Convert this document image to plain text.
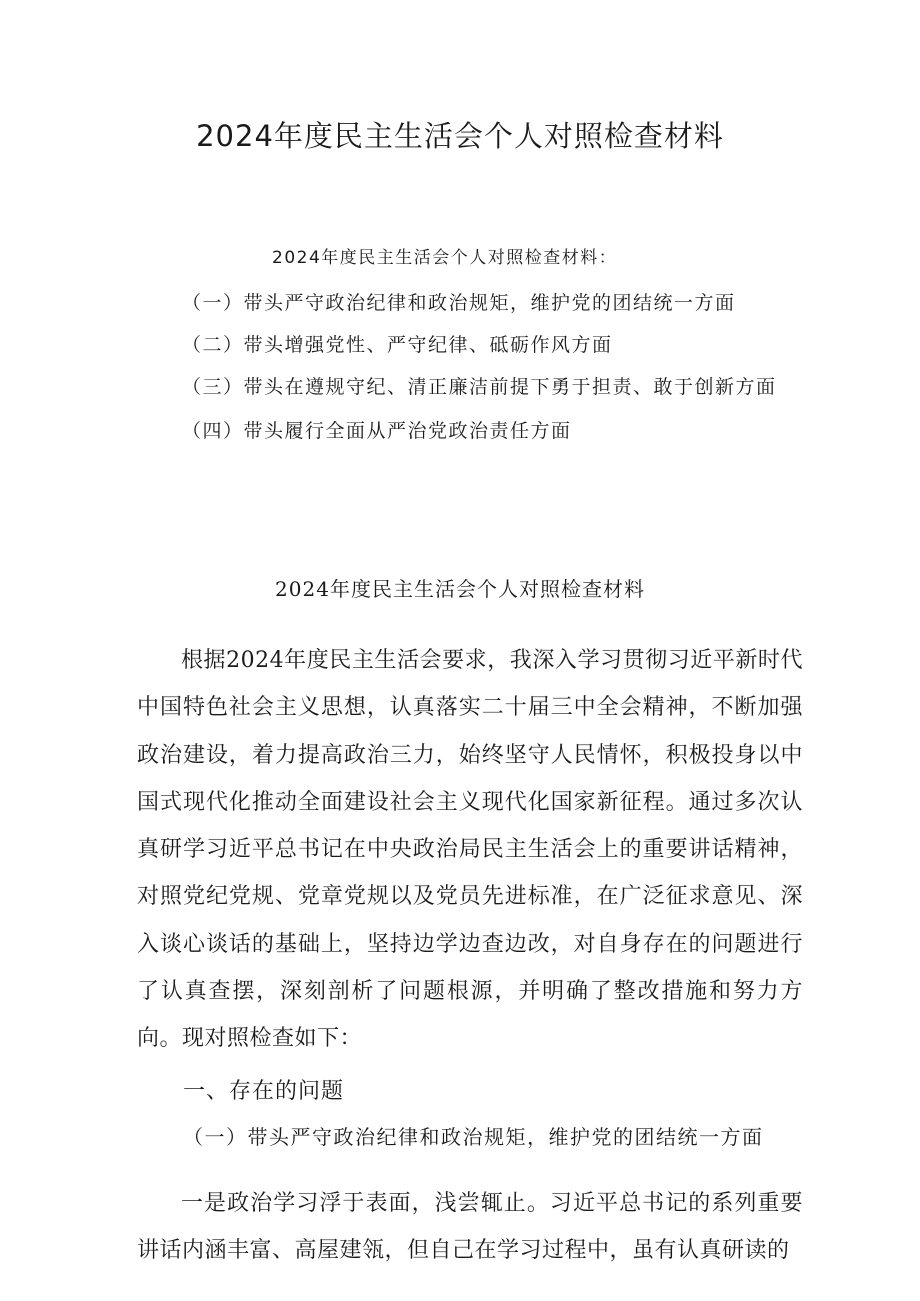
2024年度民主生活会个人对照检查材料
2024年度民主生活会个人对照检查材料：
（一）带头严守政治纪律和政治规矩，维护党的团结统一方面
（二）带头增强党性、严守纪律、砥砺作风方面
（三）带头在遵规守纪、清正廉洁前提下勇于担责、敢于创新方面
（四）带头履行全面从严治党政治责任方面
2024年度民主生活会个人对照检查材料

根据2024年度民主生活会要求，我深入学习贯彻习近平新时代中国特色社会主义思想，认真落实二十届三中全会精神，不断加强政治建设，着力提高政治三力，始终坚守人民情怀，积极投身以中国式现代化推动全面建设社会主义现代化国家新征程。通过多次认真研学习近平总书记在中央政治局民主生活会上的重要讲话精神，对照党纪党规、党章党规以及党员先进标准，在广泛征求意见、深入谈心谈话的基础上，坚持边学边查边改，对自身存在的问题进行了认真查摆，深刻剖析了问题根源，并明确了整改措施和努力方向。现对照检查如下：

一、存在的问题
（一）带头严守政治纪律和政治规矩，维护党的团结统一方面

一是政治学习浮于表面，浅尝辄止。习近平总书记的系列重要讲话内涵丰富、高屋建瓴，但自己在学习过程中，虽有认真研读的
